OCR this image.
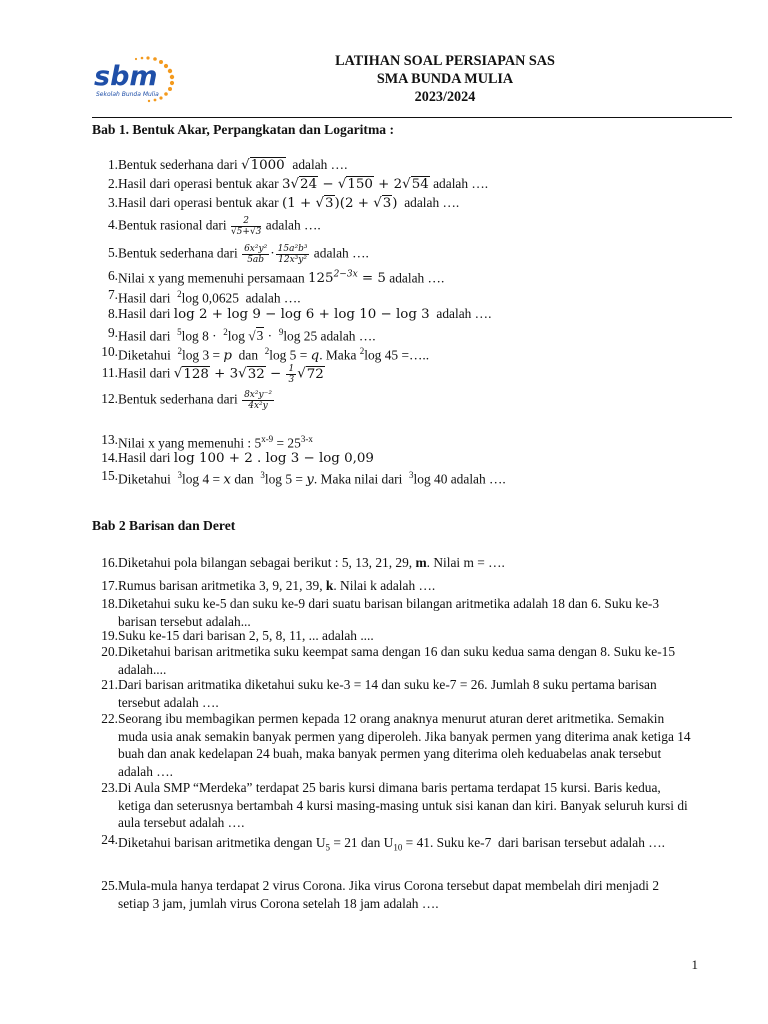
sbm
Sekolah Bunda Mulia
LATIHAN SOAL PERSIAPAN SAS
SMA BUNDA MULIA
2023/2024
Bab 1. Bentuk Akar, Perpangkatan dan Logaritma :
1. Bentuk sederhana dari √1000  adalah ….
2. Hasil dari operasi bentuk akar 3√24 − √150 + 2√54 adalah ….
3. Hasil dari operasi bentuk akar (1 + √3)(2 + √3)  adalah ….
4. Bentuk rasional dari $\frac{2}{√5+√3}$ adalah ….
5. Bentuk sederhana dari $\frac{\text{6x²y²}}{5ab} \cdot \frac{\text{15a²b³}}{\text{12x³y²}}$ adalah ….
6. Nilai x yang memenuhi persamaan $125^{2-3x} = 5$ adalah ….
7. Hasil dari  $^2$log 0,0625  adalah ….
8. Hasil dari log 2 + log 9 − log 6 + log 10 − log 3  adalah ….
9. Hasil dari  $^5$log 8 ·  $^2$log √3 ·  $^9$log 25 adalah ….
10. Diketahui  $^2$log 3 = p  dan  $^2$log 5 = q. Maka $^2$log 45 =…..
11. Hasil dari $√128 + 3√32 - \frac{1}{3} √72$
12. Bentuk sederhana dari $\frac{\text{8x²y⁻²}}{\text{4x²y}}$
13. Nilai x yang memenuhi : $5^{x-9} = 25^{3-x}$
14. Hasil dari log 100 + 2 . log 3 − log 0,09
15. Diketahui  $^3$log 4 = x dan  $^3$log 5 = y. Maka nilai dari  $^3$log 40 adalah ….
Bab 2 Barisan dan Deret
16. Diketahui pola bilangan sebagai berikut : 5, 13, 21, 29, m. Nilai m = ….
17. Rumus barisan aritmetika 3, 9, 21, 39, k. Nilai k adalah ….
18. Diketahui suku ke-5 dan suku ke-9 dari suatu barisan bilangan aritmetika adalah 18 dan 6. Suku ke-3 barisan tersebut adalah...
19. Suku ke-15 dari barisan 2, 5, 8, 11, ... adalah ....
20. Diketahui barisan aritmetika suku keempat sama dengan 16 dan suku kedua sama dengan 8. Suku ke-15 adalah....
21. Dari barisan aritmatika diketahui suku ke-3 = 14 dan suku ke-7 = 26. Jumlah 8 suku pertama barisan tersebut adalah ….
22. Seorang ibu membagikan permen kepada 12 orang anaknya menurut aturan deret aritmetika. Semakin muda usia anak semakin banyak permen yang diperoleh. Jika banyak permen yang diterima anak ketiga 14 buah dan anak kedelapan 24 buah, maka banyak permen yang diterima oleh keduabelas anak tersebut adalah ….
23. Di Aula SMP “Merdeka” terdapat 25 baris kursi dimana baris pertama terdapat 15 kursi. Baris kedua, ketiga dan seterusnya bertambah 4 kursi masing-masing untuk sisi kanan dan kiri. Banyak seluruh kursi di aula tersebut adalah ….
24. Diketahui barisan aritmetika dengan $U_5 = 21$ dan $U_{10} = 41$. Suku ke-7  dari barisan tersebut adalah ….
25. Mula-mula hanya terdapat 2 virus Corona. Jika virus Corona tersebut dapat membelah diri menjadi 2 setiap 3 jam, jumlah virus Corona setelah 18 jam adalah ….
1
